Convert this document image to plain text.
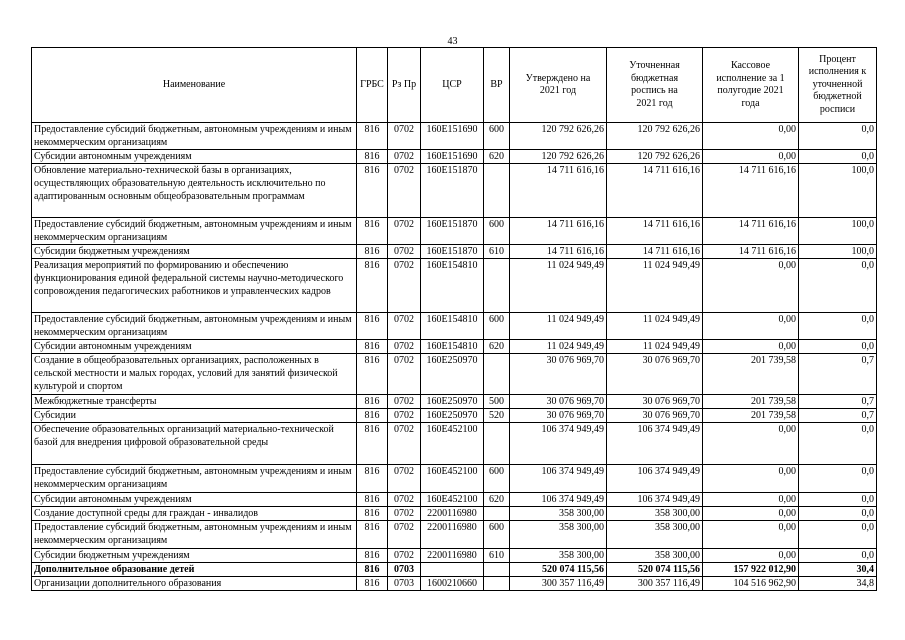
43
Наименование	ГРБС	Рз Пр	ЦСР	ВР	Утверждено на 2021 год	Уточненная бюджетная роспись на 2021 год	Кассовое исполнение за 1 полугодие 2021 года	Процент исполнения к уточненной бюджетной росписи
Предоставление субсидий бюджетным, автономным учреждениям и иным некоммерческим организациям	816	0702	160E151690	600	120 792 626,26	120 792 626,26	0,00	0,0
Субсидии автономным учреждениям	816	0702	160E151690	620	120 792 626,26	120 792 626,26	0,00	0,0
Обновление материально-технической базы в организациях, осуществляющих образовательную деятельность исключительно по адаптированным основным общеобразовательным программам	816	0702	160E151870		14 711 616,16	14 711 616,16	14 711 616,16	100,0
Предоставление субсидий бюджетным, автономным учреждениям и иным некоммерческим организациям	816	0702	160E151870	600	14 711 616,16	14 711 616,16	14 711 616,16	100,0
Субсидии бюджетным учреждениям	816	0702	160E151870	610	14 711 616,16	14 711 616,16	14 711 616,16	100,0
Реализация мероприятий по формированию и обеспечению функционирования единой федеральной системы научно-методического сопровождения педагогических работников и управленческих кадров	816	0702	160E154810		11 024 949,49	11 024 949,49	0,00	0,0
Предоставление субсидий бюджетным, автономным учреждениям и иным некоммерческим организациям	816	0702	160E154810	600	11 024 949,49	11 024 949,49	0,00	0,0
Субсидии автономным учреждениям	816	0702	160E154810	620	11 024 949,49	11 024 949,49	0,00	0,0
Создание в общеобразовательных организациях, расположенных в сельской местности и малых городах, условий для занятий физической культурой и спортом	816	0702	160E250970		30 076 969,70	30 076 969,70	201 739,58	0,7
Межбюджетные трансферты	816	0702	160E250970	500	30 076 969,70	30 076 969,70	201 739,58	0,7
Субсидии	816	0702	160E250970	520	30 076 969,70	30 076 969,70	201 739,58	0,7
Обеспечение образовательных организаций материально-технической базой для внедрения цифровой образовательной среды	816	0702	160E452100		106 374 949,49	106 374 949,49	0,00	0,0
Предоставление субсидий бюджетным, автономным учреждениям и иным некоммерческим организациям	816	0702	160E452100	600	106 374 949,49	106 374 949,49	0,00	0,0
Субсидии автономным учреждениям	816	0702	160E452100	620	106 374 949,49	106 374 949,49	0,00	0,0
Создание доступной среды для граждан - инвалидов	816	0702	2200116980		358 300,00	358 300,00	0,00	0,0
Предоставление субсидий бюджетным, автономным учреждениям и иным некоммерческим организациям	816	0702	2200116980	600	358 300,00	358 300,00	0,00	0,0
Субсидии бюджетным учреждениям	816	0702	2200116980	610	358 300,00	358 300,00	0,00	0,0
Дополнительное образование детей	816	0703			520 074 115,56	520 074 115,56	157 922 012,90	30,4
Организации дополнительного образования	816	0703	1600210660		300 357 116,49	300 357 116,49	104 516 962,90	34,8
